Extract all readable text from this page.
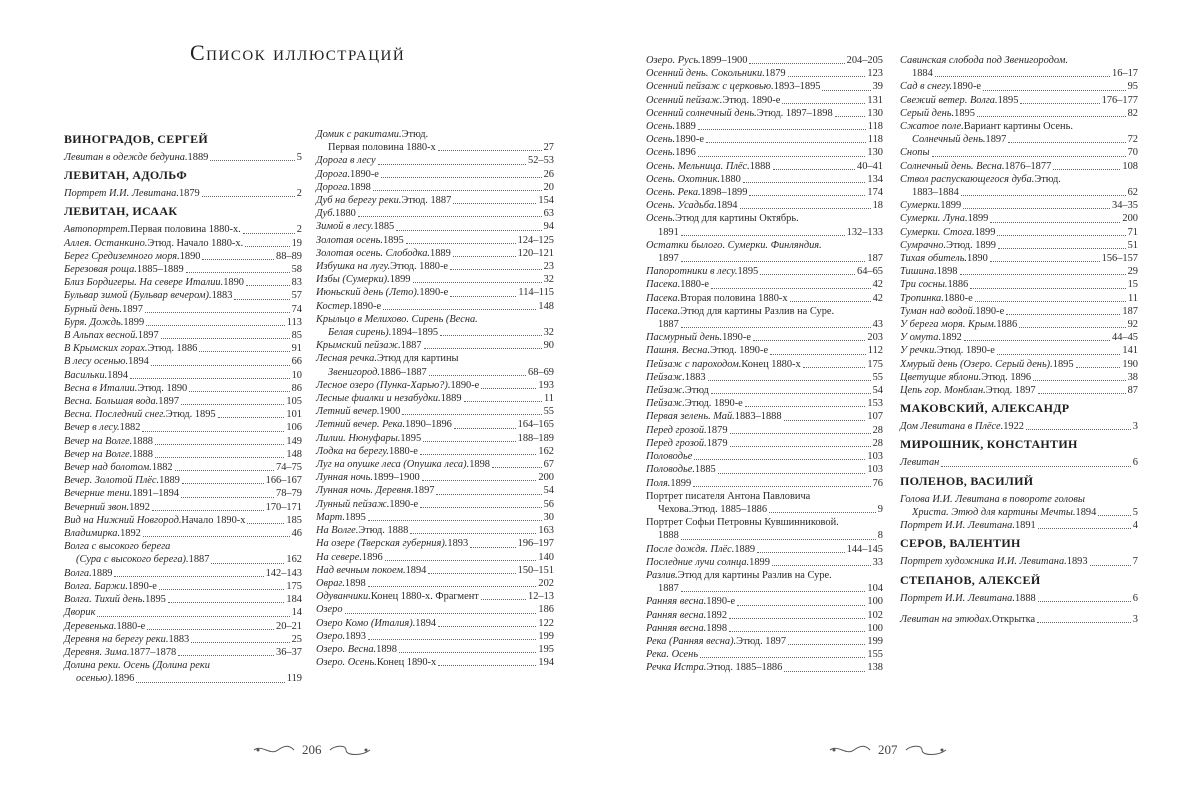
Список иллюстраций
ВИНОГРАДОВ, СЕРГЕЙ
Левитан в одежде бедуина. 1889	5
ЛЕВИТАН, АДОЛЬФ
Портрет И.И. Левитана. 1879	2
ЛЕВИТАН, ИСААК
Автопортрет. Первая половина 1880-х.	2
Аллея. Останкино. Этюд. Начало 1880-х.	19
Берег Средиземного моря. 1890	88–89
Березовая роща. 1885–1889	58
Близ Бордигеры. На севере Италии. 1890	83
Бульвар зимой (Бульвар вечером). 1883	57
Бурный день. 1897	74
Буря. Дождь. 1899	113
В Альпах весной. 1897	85
В Крымских горах. Этюд. 1886	91
В лесу осенью. 1894	66
Васильки. 1894	10
Весна в Италии. Этюд. 1890	86
Весна. Большая вода. 1897	105
Весна. Последний снег. Этюд. 1895	101
Вечер в лесу. 1882	106
Вечер на Волге. 1888	149
Вечер на Волге. 1888	148
Вечер над болотом. 1882	74–75
Вечер. Золотой Плёс. 1889	166–167
Вечерние тени. 1891–1894	78–79
Вечерний звон. 1892	170–171
Вид на Нижний Новгород. Начало 1890-х	185
Владимирка. 1892	46
Волга с высокого берега
(Сура с высокого берега). 1887	162
Волга. 1889	142–143
Волга. Баржи. 1890-е	175
Волга. Тихий день. 1895	184
Дворик	14
Деревенька. 1880-е	20–21
Деревня на берегу реки. 1883	25
Деревня. Зима. 1877–1878	36–37
Долина реки. Осень (Долина реки
осенью). 1896	119
Домик с ракитами. Этюд.
Первая половина 1880-х	27
Дорога в лесу	52–53
Дорога. 1890-е	26
Дорога. 1898	20
Дуб на берегу реки. Этюд. 1887	154
Дуб. 1880	63
Зимой в лесу. 1885	94
Золотая осень. 1895	124–125
Золотая осень. Слободка. 1889	120–121
Избушка на лугу. Этюд. 1880-е	23
Избы (Сумерки). 1899	32
Июньский день (Лето). 1890-е	114–115
Костер. 1890-е	148
Крыльцо в Мелихово. Сирень (Весна.
Белая сирень). 1894–1895	32
Крымский пейзаж. 1887	90
Лесная речка. Этюд для картины
Звенигород. 1886–1887	68–69
Лесное озеро (Пунка-Харью?). 1890-е	193
Лесные фиалки и незабудки. 1889	11
Летний вечер. 1900	55
Летний вечер. Река. 1890–1896	164–165
Лилии. Нюнуфары. 1895	188–189
Лодка на берегу. 1880-е	162
Луг на опушке леса (Опушка леса). 1898	67
Лунная ночь. 1899–1900	200
Лунная ночь. Деревня. 1897	54
Лунный пейзаж. 1890-е	56
Март. 1895	30
На Волге. Этюд. 1888	163
На озере (Тверская губерния). 1893	196–197
На севере. 1896	140
Над вечным покоем. 1894	150–151
Овраг. 1898	202
Одуванчики. Конец 1880-х. Фрагмент	12–13
Озеро	186
Озеро Комо (Италия). 1894	122
Озеро. 1893	199
Озеро. Весна. 1898	195
Озеро. Осень. Конец 1890-х	194
Озеро. Русь. 1899–1900	204–205
Осенний день. Сокольники. 1879	123
Осенний пейзаж с церковью. 1893–1895	39
Осенний пейзаж. Этюд. 1890-е	131
Осенний солнечный день. Этюд. 1897–1898	130
Осень. 1889	118
Осень. 1890-е	118
Осень. 1896	130
Осень. Мельница. Плёс. 1888	40–41
Осень. Охотник. 1880	134
Осень. Река. 1898–1899	174
Осень. Усадьба. 1894	18
Осень. Этюд для картины Октябрь.
1891	132–133
Остатки былого. Сумерки. Финляндия.
1897	187
Папоротники в лесу. 1895	64–65
Пасека. 1880-е	42
Пасека. Вторая половина 1880-х	42
Пасека. Этюд для картины Разлив на Суре.
1887	43
Пасмурный день. 1890-е	203
Пашня. Весна. Этюд. 1890-е	112
Пейзаж с пароходом. Конец 1880-х	175
Пейзаж. 1883	55
Пейзаж. Этюд	54
Пейзаж. Этюд. 1890-е	153
Первая зелень. Май. 1883–1888	107
Перед грозой. 1879	28
Перед грозой. 1879	28
Половодье	103
Половодье. 1885	103
Поля. 1899	76
Портрет писателя Антона Павловича
Чехова. Этюд. 1885–1886	9
Портрет Софьи Петровны Кувшинниковой.
1888	8
После дождя. Плёс. 1889	144–145
Последние лучи солнца. 1899	33
Разлив. Этюд для картины Разлив на Суре.
1887	104
Ранняя весна. 1890-е	100
Ранняя весна. 1892	102
Ранняя весна. 1898	100
Река (Ранняя весна). Этюд. 1897	199
Река. Осень	155
Речка Истра. Этюд. 1885–1886	138
Савинская слобода под Звенигородом.
1884	16–17
Сад в снегу. 1890-е	95
Свежий ветер. Волга. 1895	176–177
Серый день. 1895	82
Сжатое поле. Вариант картины Осень.
Солнечный день. 1897	72
Снопы	70
Солнечный день. Весна. 1876–1877	108
Ствол распускающегося дуба. Этюд.
1883–1884	62
Сумерки. 1899	34–35
Сумерки. Луна. 1899	200
Сумерки. Стога. 1899	71
Сумрачно. Этюд. 1899	51
Тихая обитель. 1890	156–157
Тишина. 1898	29
Три сосны. 1886	15
Тропинка. 1880-е	11
Туман над водой. 1890-е	187
У берега моря. Крым. 1886	92
У омута. 1892	44–45
У речки. Этюд. 1890-е	141
Хмурый день (Озеро. Серый день). 1895	190
Цветущие яблони. Этюд. 1896	38
Цепь гор. Монблан. Этюд. 1897	87
МАКОВСКИЙ, АЛЕКСАНДР
Дом Левитана в Плёсе. 1922	3
МИРОШНИК, КОНСТАНТИН
Левитан	6
ПОЛЕНОВ, ВАСИЛИЙ
Голова И.И. Левитана в повороте головы
Христа. Этюд для картины Мечты. 1894	5
Портрет И.И. Левитана. 1891	4
СЕРОВ, ВАЛЕНТИН
Портрет художника И.И. Левитана. 1893	7
СТЕПАНОВ, АЛЕКСЕЙ
Портрет И.И. Левитана. 1888	6
Левитан на этюдах. Открытка	3
206	207
